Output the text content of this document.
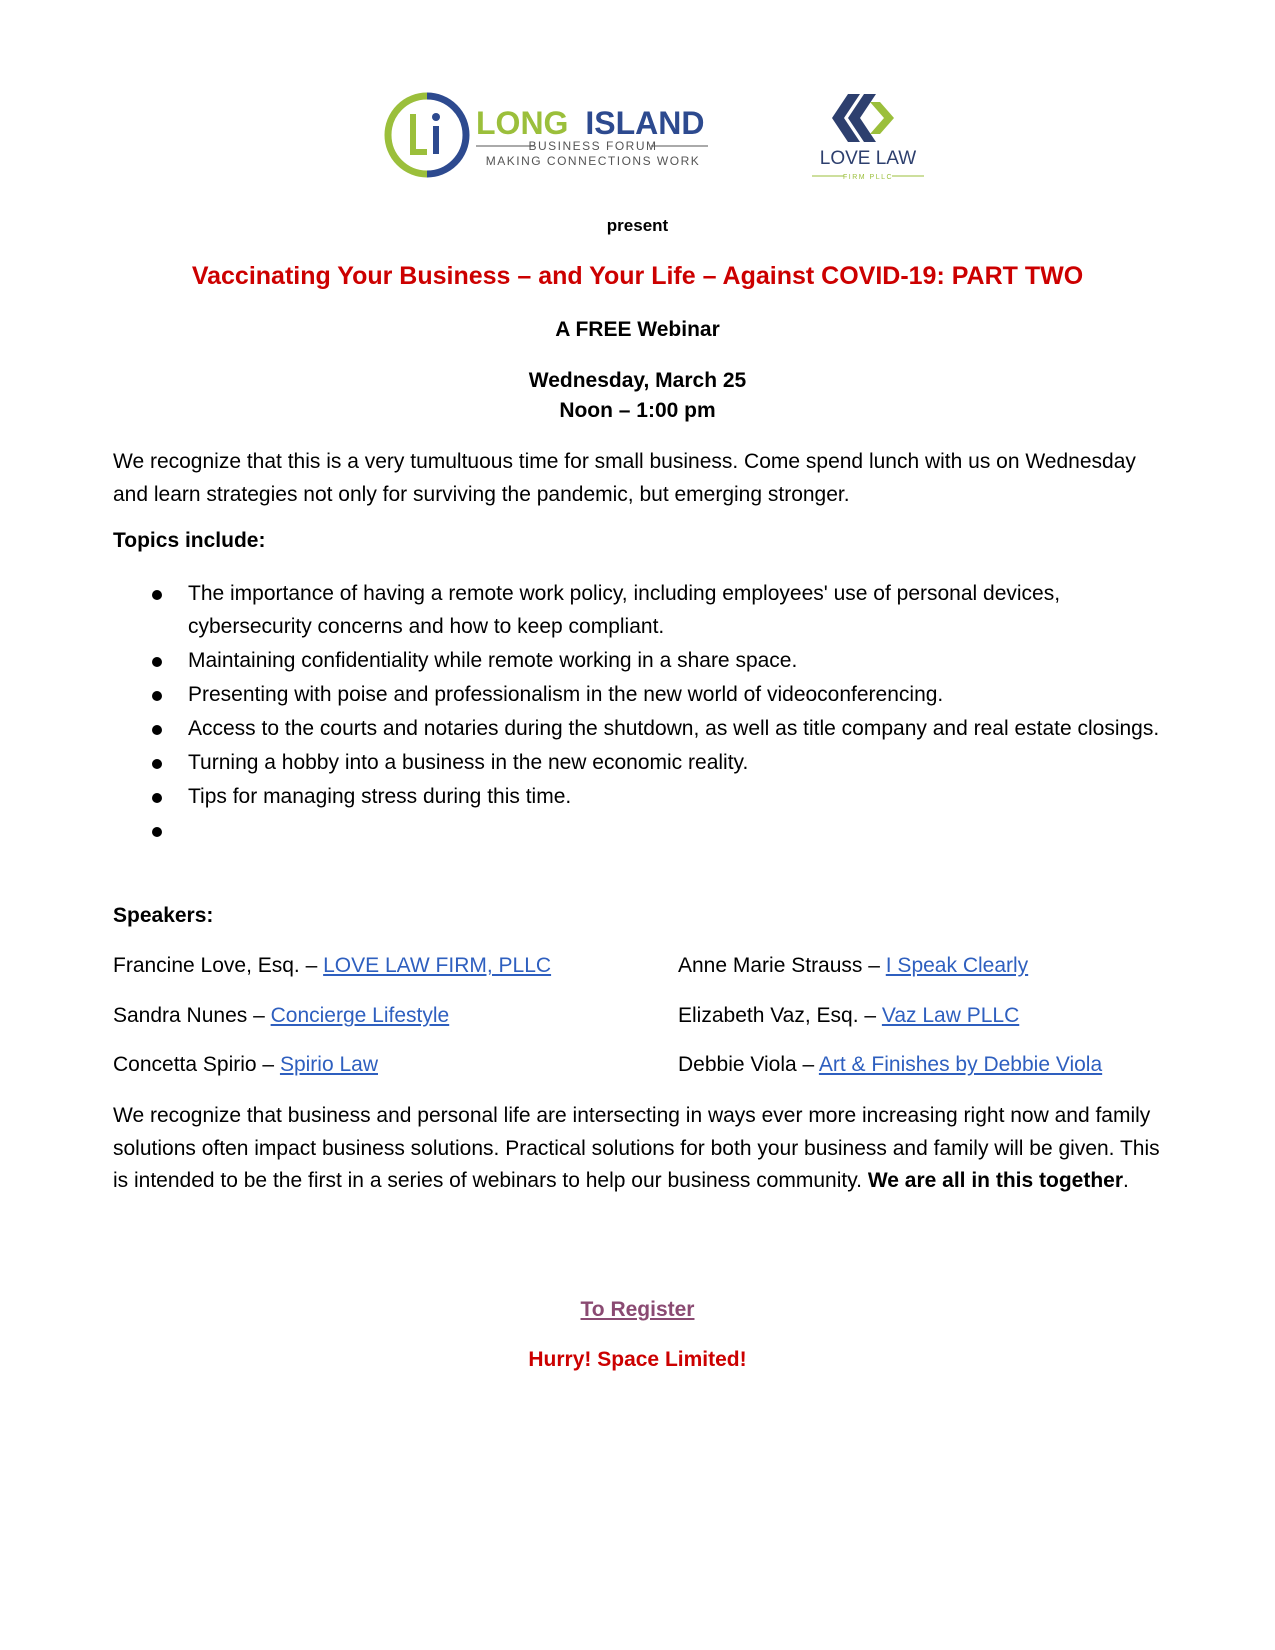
LONG ISLAND
BUSINESS FORUM
MAKING CONNECTIONS WORK	LOVE LAW
FIRM PLLC
present
Vaccinating Your Business – and Your Life – Against COVID-19: PART TWO
A FREE Webinar
Wednesday, March 25
Noon – 1:00 pm
We recognize that this is a very tumultuous time for small business. Come spend lunch with us on Wednesday and learn strategies not only for surviving the pandemic, but emerging stronger.
Topics include:
The importance of having a remote work policy, including employees' use of personal devices, cybersecurity concerns and how to keep compliant.
Maintaining confidentiality while remote working in a share space.
Presenting with poise and professionalism in the new world of videoconferencing.
Access to the courts and notaries during the shutdown, as well as title company and real estate closings.
Turning a hobby into a business in the new economic reality.
Tips for managing stress during this time.
Speakers:
Francine Love, Esq. – LOVE LAW FIRM, PLLC	Anne Marie Strauss – I Speak Clearly
Sandra Nunes – Concierge Lifestyle	Elizabeth Vaz, Esq. – Vaz Law PLLC
Concetta Spirio – Spirio Law	Debbie Viola – Art & Finishes by Debbie Viola
We recognize that business and personal life are intersecting in ways ever more increasing right now and family solutions often impact business solutions. Practical solutions for both your business and family will be given. This is intended to be the first in a series of webinars to help our business community. We are all in this together.
To Register
Hurry! Space Limited!
